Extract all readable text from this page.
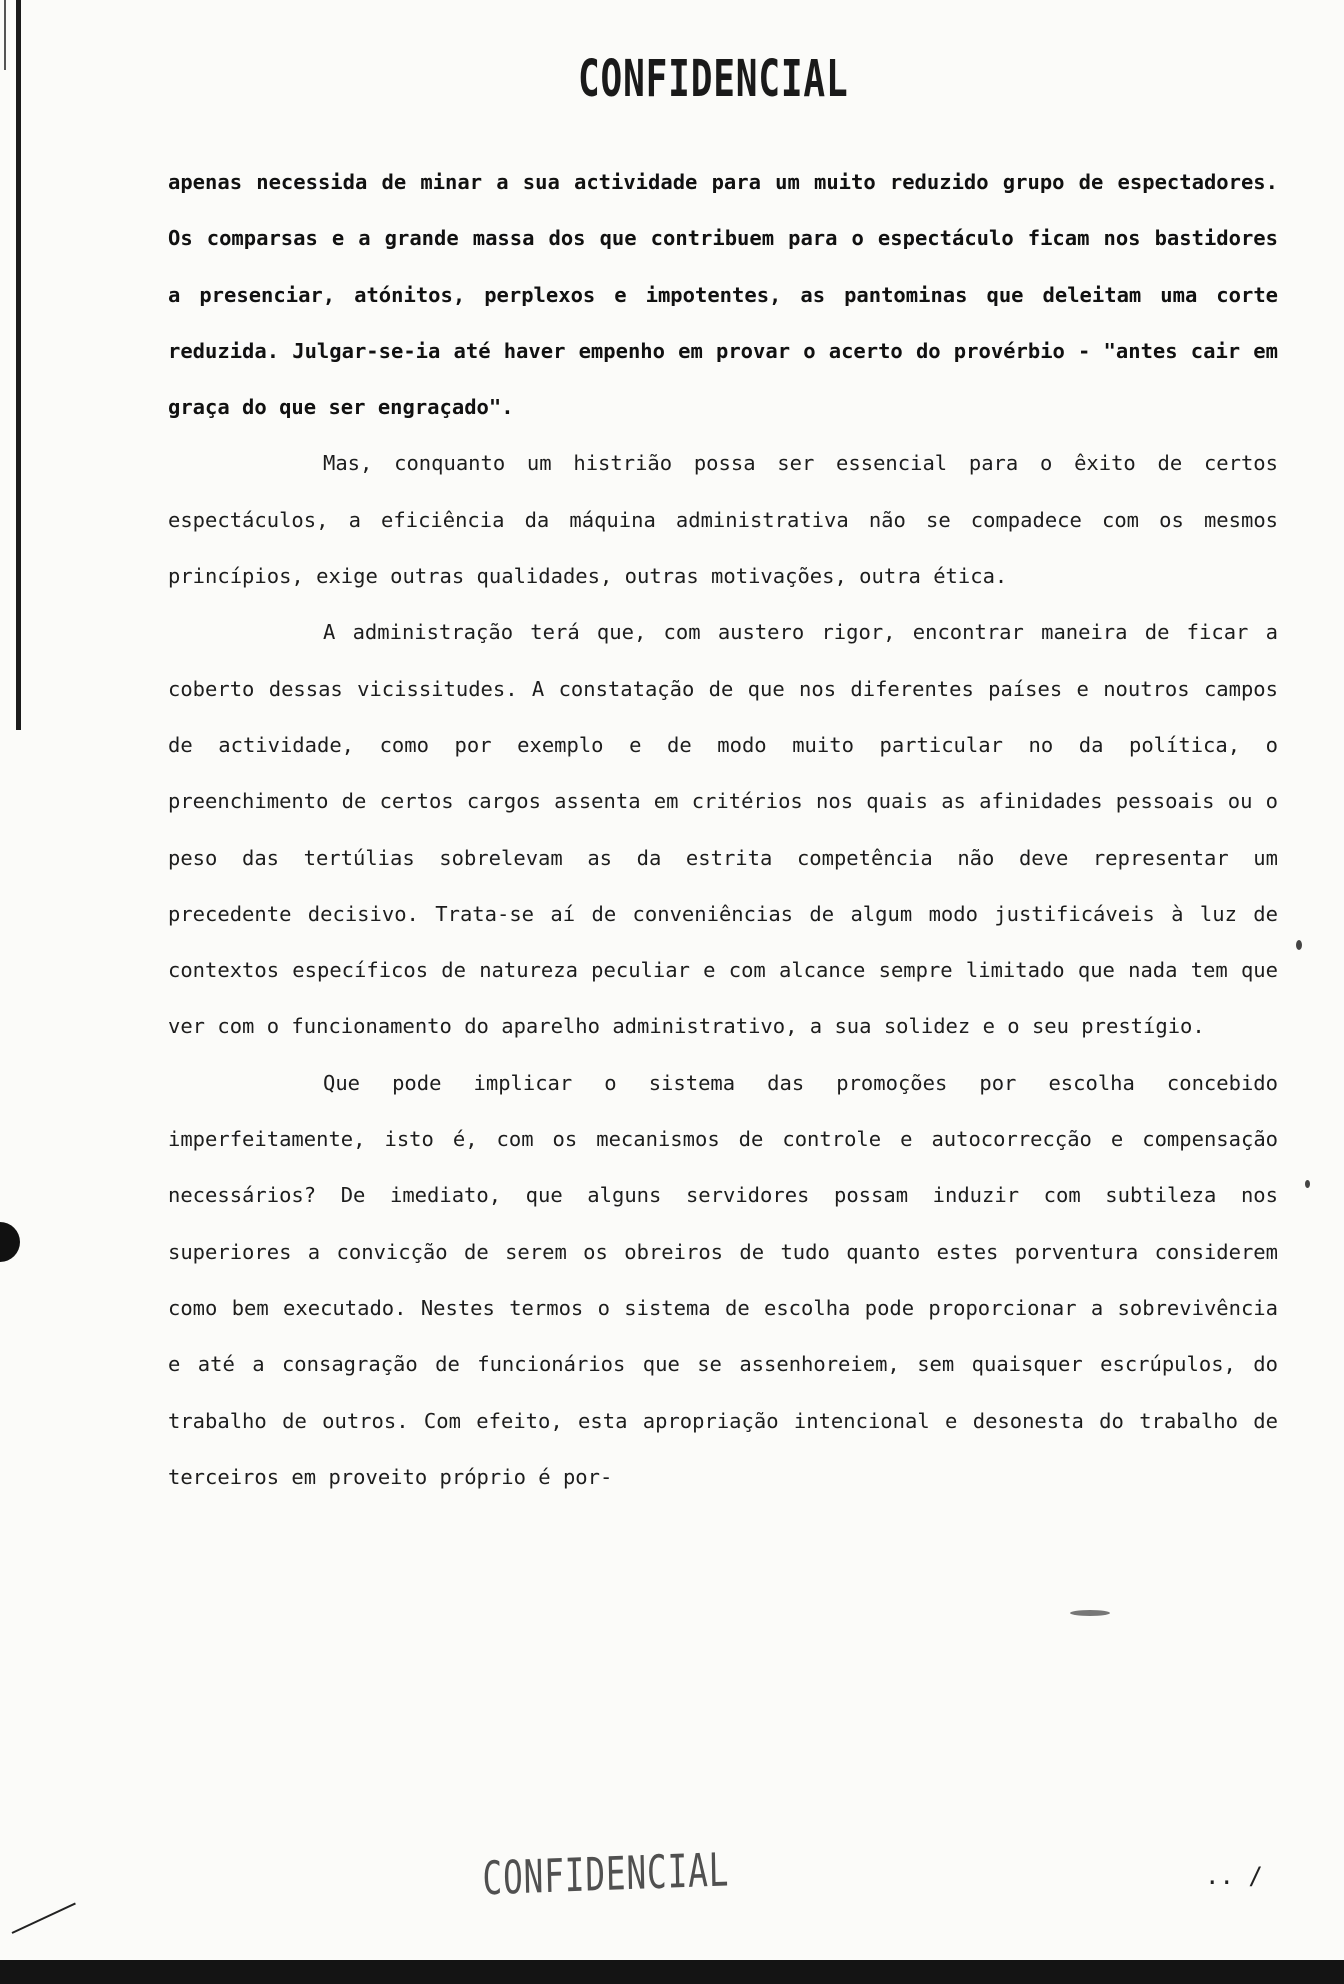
CONFIDENCIAL

apenas necessida de minar a sua actividade para um muito reduzido grupo de espectadores. Os comparsas e a grande massa dos que contribuem para o espectáculo ficam nos bastidores a presenciar, atónitos, perplexos e impotentes, as pantominas que deleitam uma corte reduzida. Julgar-se-ia até haver empenho em provar o acerto do provérbio - "antes cair em graça do que ser engraçado".

Mas, conquanto um histrião possa ser essencial para o êxito de certos espectáculos, a eficiência da máquina administrativa não se compadece com os mesmos princípios, exige outras qualidades, outras motivações, outra ética.

A administração terá que, com austero rigor, encontrar maneira de ficar a coberto dessas vicissitudes. A constatação de que nos diferentes países e noutros campos de actividade, como por exemplo e de modo muito particular no da política, o preenchimento de certos cargos assenta em critérios nos quais as afinidades pessoais ou o peso das tertúlias sobrelevam as da estrita competência não deve representar um precedente decisivo. Trata-se aí de conveniências de algum modo justificáveis à luz de contextos específicos de natureza peculiar e com alcance sempre limitado que nada tem que ver com o funcionamento do aparelho administrativo, a sua solidez e o seu prestígio.

Que pode implicar o sistema das promoções por escolha concebido imperfeitamente, isto é, com os mecanismos de controle e autocorrecção e compensação necessários? De imediato, que alguns servidores possam induzir com subtileza nos superiores a convicção de serem os obreiros de tudo quanto estes porventura considerem como bem executado. Nestes termos o sistema de escolha pode proporcionar a sobrevivência e até a consagração de funcionários que se assenhoreiem, sem quaisquer escrúpulos, do trabalho de outros. Com efeito, esta apropriação intencional e desonesta do trabalho de terceiros em proveito próprio é por-

CONFIDENCIAL	.. /
